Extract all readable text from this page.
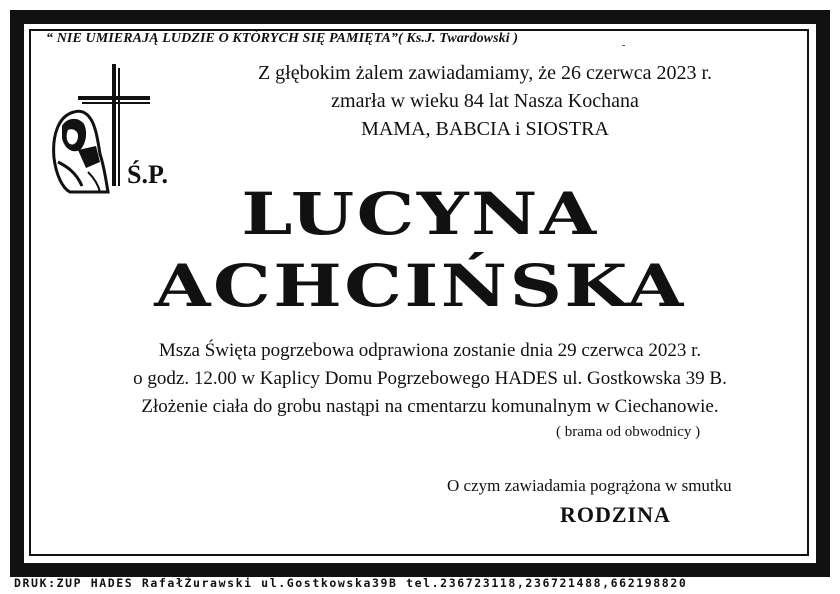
“ NIE UMIERAJĄ LUDZIE O KTÓRYCH SIĘ PAMIĘTA”( Ks.J. Twardowski )	-
Ś.P.
Z głębokim żalem zawiadamiamy, że 26 czerwca 2023 r.
zmarła w wieku 84 lat Nasza Kochana
MAMA, BABCIA i SIOSTRA
LUCYNA
ACHCIŃSKA
Msza Święta pogrzebowa odprawiona zostanie dnia 29 czerwca 2023 r.
o godz. 12.00 w Kaplicy Domu Pogrzebowego HADES ul. Gostkowska 39 B.
Złożenie ciała do grobu nastąpi na cmentarzu komunalnym w Ciechanowie.
( brama od obwodnicy )
O czym zawiadamia pogrążona w smutku
RODZINA
DRUK:ZUP HADES RafałŻurawski ul.Gostkowska39B tel.236723118,236721488,662198820
